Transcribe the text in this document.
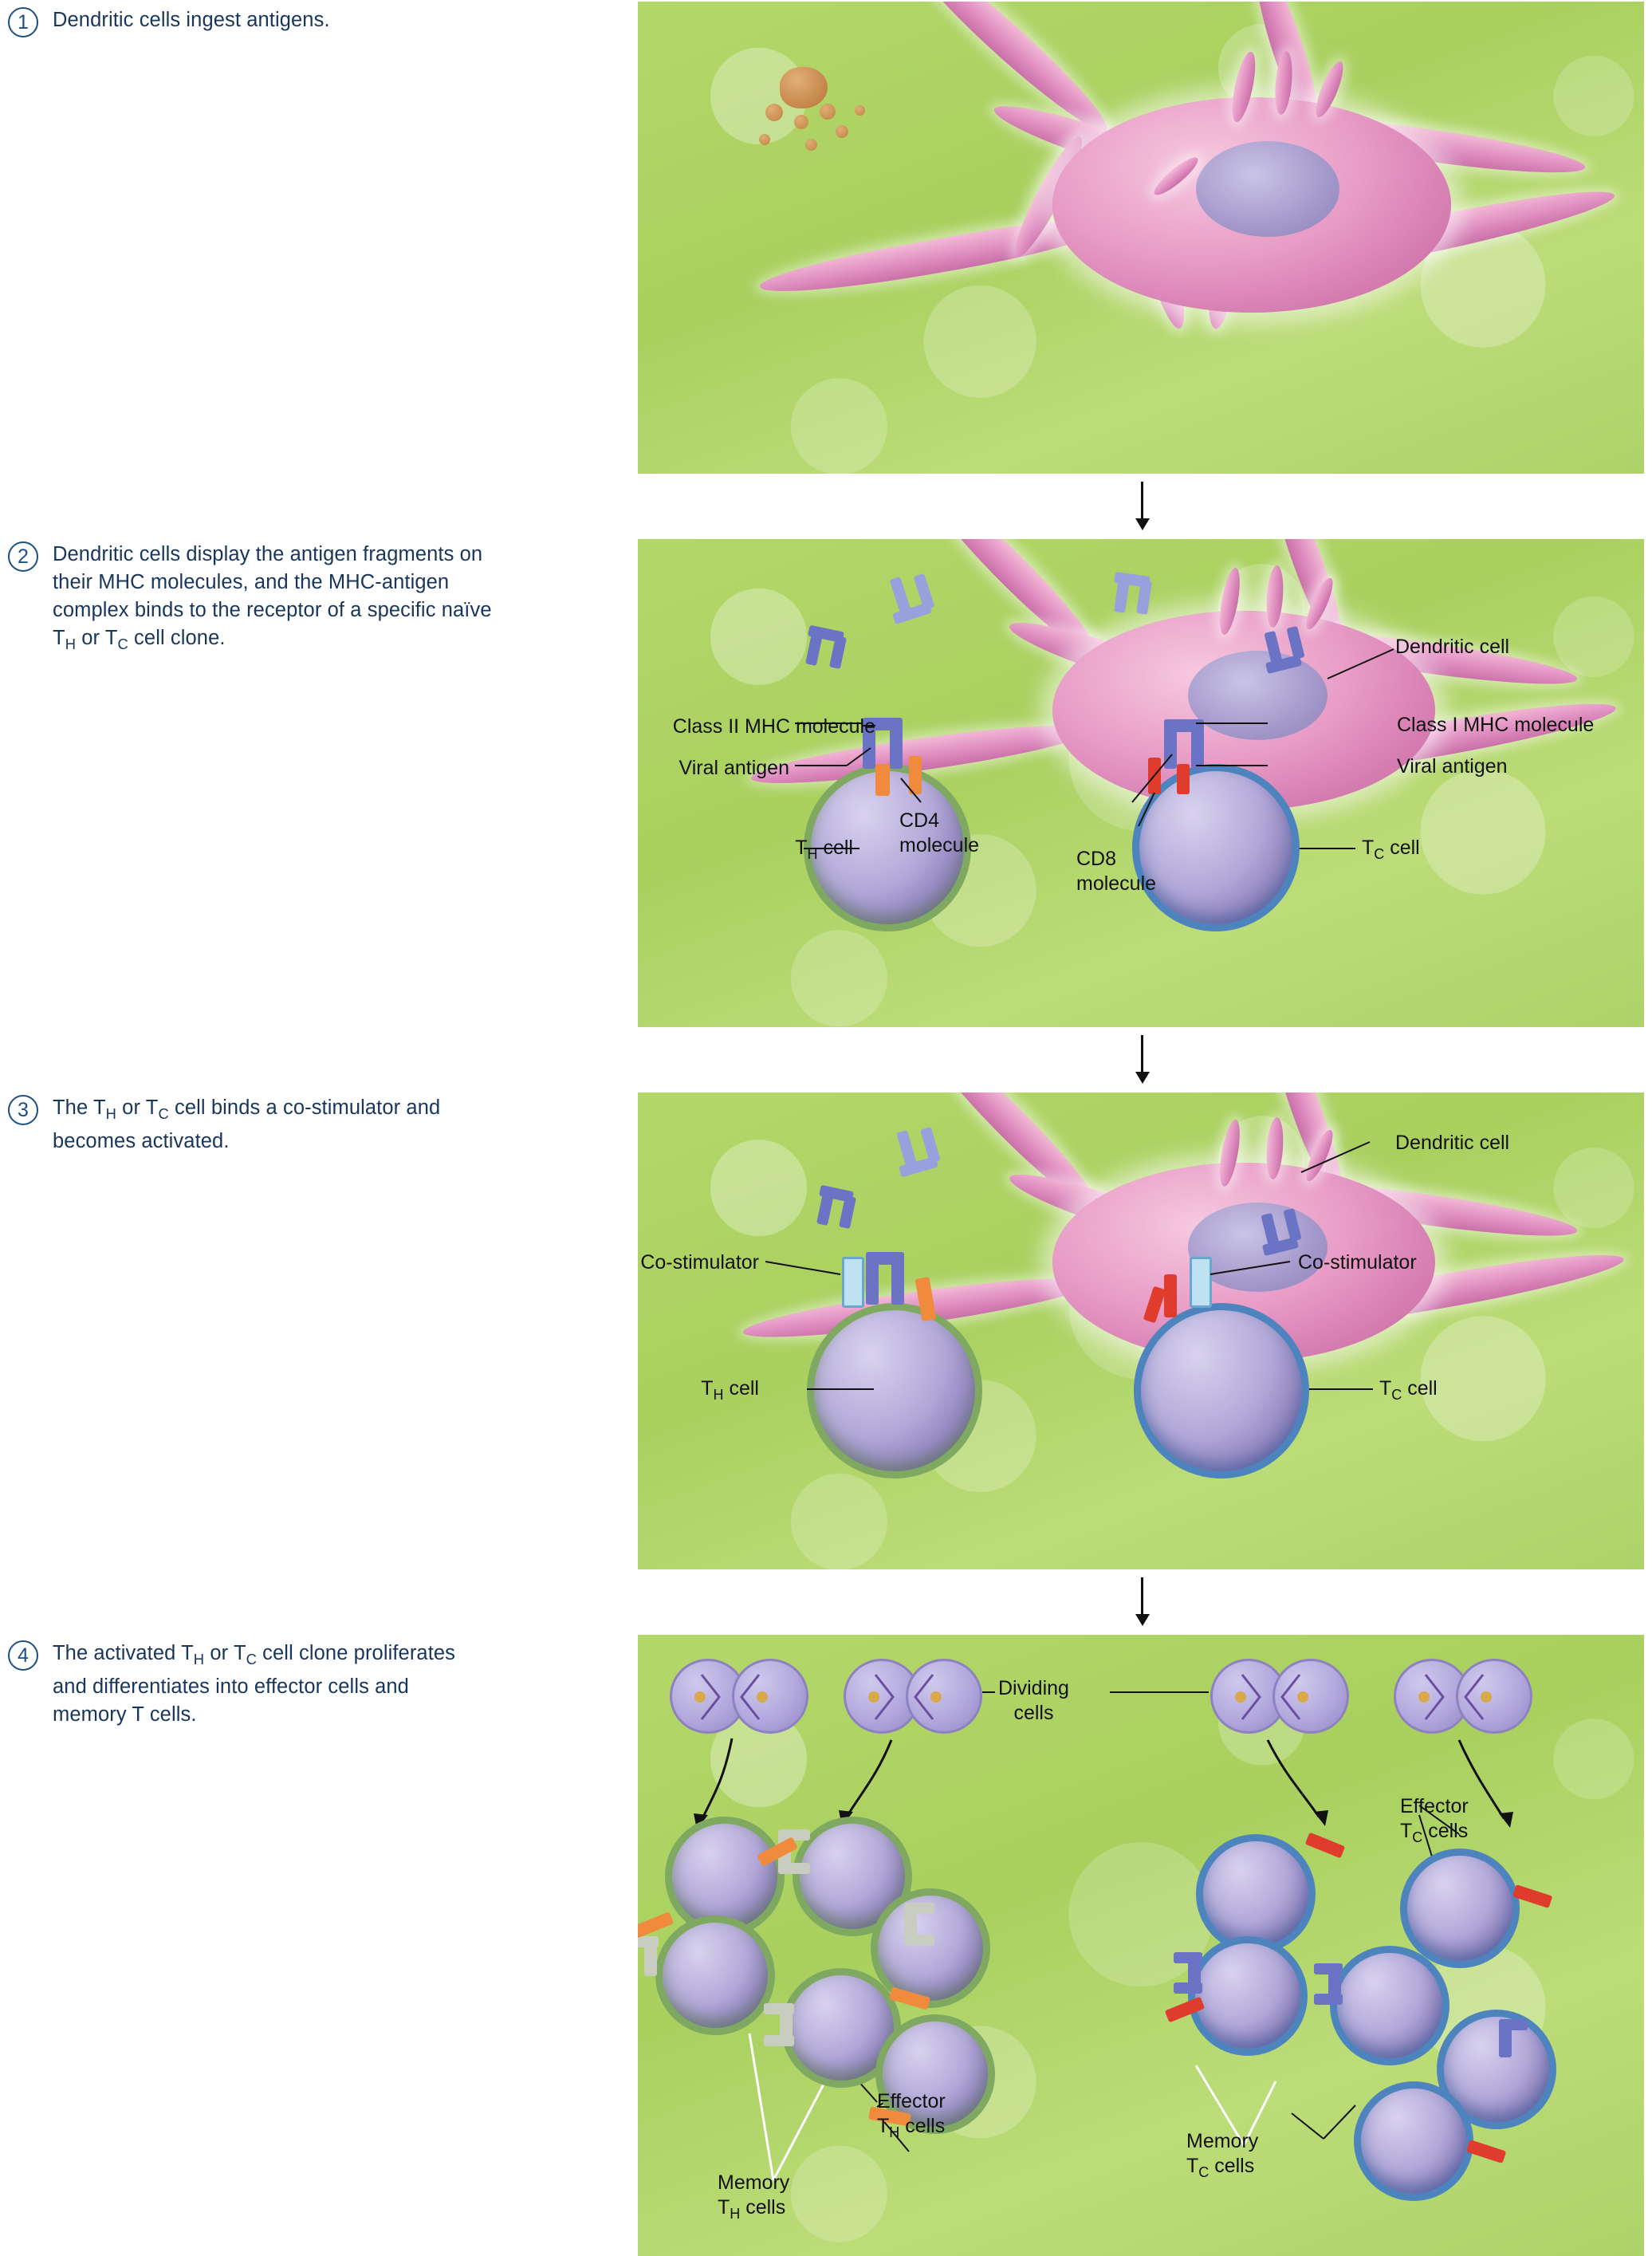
1	Dendritic cells ingest antigens.
2	Dendritic cells display the antigen fragments on
their MHC molecules, and the MHC-antigen
complex binds to the receptor of a specific naïve
$T_H$ or $T_C$ cell clone.	Dendritic cell
Class II MHC molecule
Viral antigen
Class I MHC molecule
Viral antigen
$T_H$ cell	$T_C$ cell
CD4
molecule
CD8
molecule
3	The $T_H$ or $T_C$ cell binds a co-stimulator and
becomes activated.	Dendritic cell
Co-stimulator	Co-stimulator
$T_H$ cell	$T_C$ cell
4	The activated $T_H$ or $T_C$ cell clone proliferates
and differentiates into effector cells and
memory T cells.
Dividing
cells
Effector
$T_H$ cells
Effector
$T_C$ cells
Memory
$T_H$ cells
Memory
$T_C$ cells
